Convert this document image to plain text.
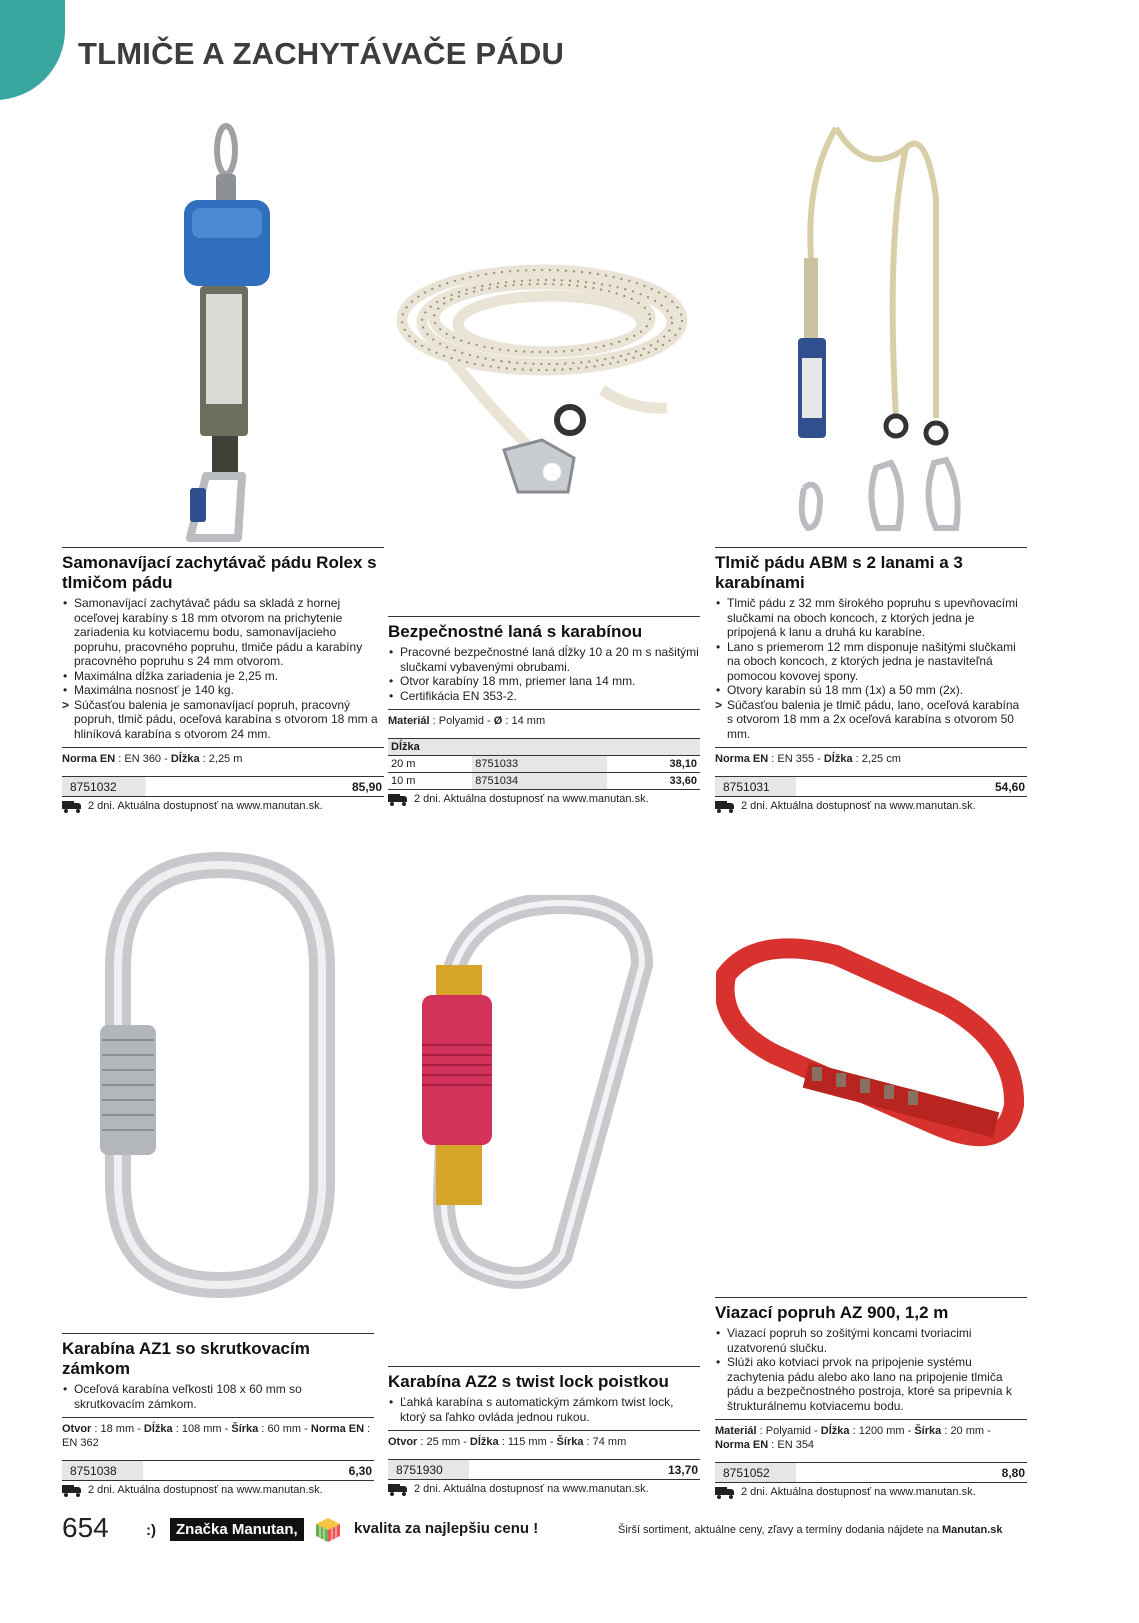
TLMIČE A ZACHYTÁVAČE PÁDU
Samonavíjací zachytávač pádu Rolex s tlmičom pádu
• Samonavíjací zachytávač pádu sa skladá z hornej oceľovej karabíny s 18 mm otvorom na prichytenie zariadenia ku kotviacemu bodu, samonavíjacieho popruhu, pracovného popruhu, tlmiče pádu a karabíny pracovného popruhu s 24 mm otvorom.
• Maximálna dĺžka zariadenia je 2,25 m.
• Maximálna nosnosť je 140 kg.
> Súčasťou balenia je samonavíjací popruh, pracovný popruh, tlmič pádu, oceľová karabína s otvorom 18 mm a hliníková karabína s otvorom 24 mm.
Norma EN : EN 360 - Dĺžka : 2,25 m
8751032	85,90
2 dni. Aktuálna dostupnosť na www.manutan.sk.
Bezpečnostné laná s karabínou
• Pracovné bezpečnostné laná dĺžky 10 a 20 m s našitými slučkami vybavenými obrubami.
• Otvor karabíny 18 mm, priemer lana 14 mm.
• Certifikácia EN 353-2.
Materiál : Polyamid - Ø : 14 mm
Dĺžka		
20 m	8751033	38,10
10 m	8751034	33,60
2 dni. Aktuálna dostupnosť na www.manutan.sk.
Tlmič pádu ABM s 2 lanami a 3 karabínami
• Tlmič pádu z 32 mm širokého popruhu s upevňovacími slučkami na oboch koncoch, z ktorých jedna je pripojená k lanu a druhá ku karabíne.
• Lano s priemerom 12 mm disponuje našitými slučkami na oboch koncoch, z ktorých jedna je nastaviteľná pomocou kovovej spony.
• Otvory karabín sú 18 mm (1x) a 50 mm (2x).
> Súčasťou balenia je tlmič pádu, lano, oceľová karabína s otvorom 18 mm a 2x oceľová karabína s otvorom 50 mm.
Norma EN : EN 355 - Dĺžka : 2,25 cm
8751031	54,60
2 dni. Aktuálna dostupnosť na www.manutan.sk.
Karabína AZ1 so skrutkovacím zámkom
• Oceľová karabína veľkosti 108 x 60 mm so skrutkovacím zámkom.
Otvor : 18 mm - Dĺžka : 108 mm - Šírka : 60 mm - Norma EN : EN 362
8751038	6,30
2 dni. Aktuálna dostupnosť na www.manutan.sk.
Karabína AZ2 s twist lock poistkou
• Ľahká karabína s automatickým zámkom twist lock, ktorý sa ľahko ovláda jednou rukou.
Otvor : 25 mm - Dĺžka : 115 mm - Šírka : 74 mm
8751930	13,70
2 dni. Aktuálna dostupnosť na www.manutan.sk.
Viazací popruh AZ 900, 1,2 m
• Viazací popruh so zošitými koncami tvoriacimi uzatvorenú slučku.
• Slúži ako kotviaci prvok na pripojenie systému zachytenia pádu alebo ako lano na pripojenie tlmiča pádu a bezpečnostného postroja, ktoré sa pripevnia k štrukturálnemu kotviacemu bodu.
Materiál : Polyamid - Dĺžka : 1200 mm - Šírka : 20 mm - Norma EN : EN 354
8751052	8,80
2 dni. Aktuálna dostupnosť na www.manutan.sk.
654 :)	Značka Manutan,	kvalita za najlepšiu cenu !	Širší sortiment, aktuálne ceny, zľavy a termíny dodania nájdete na Manutan.sk
